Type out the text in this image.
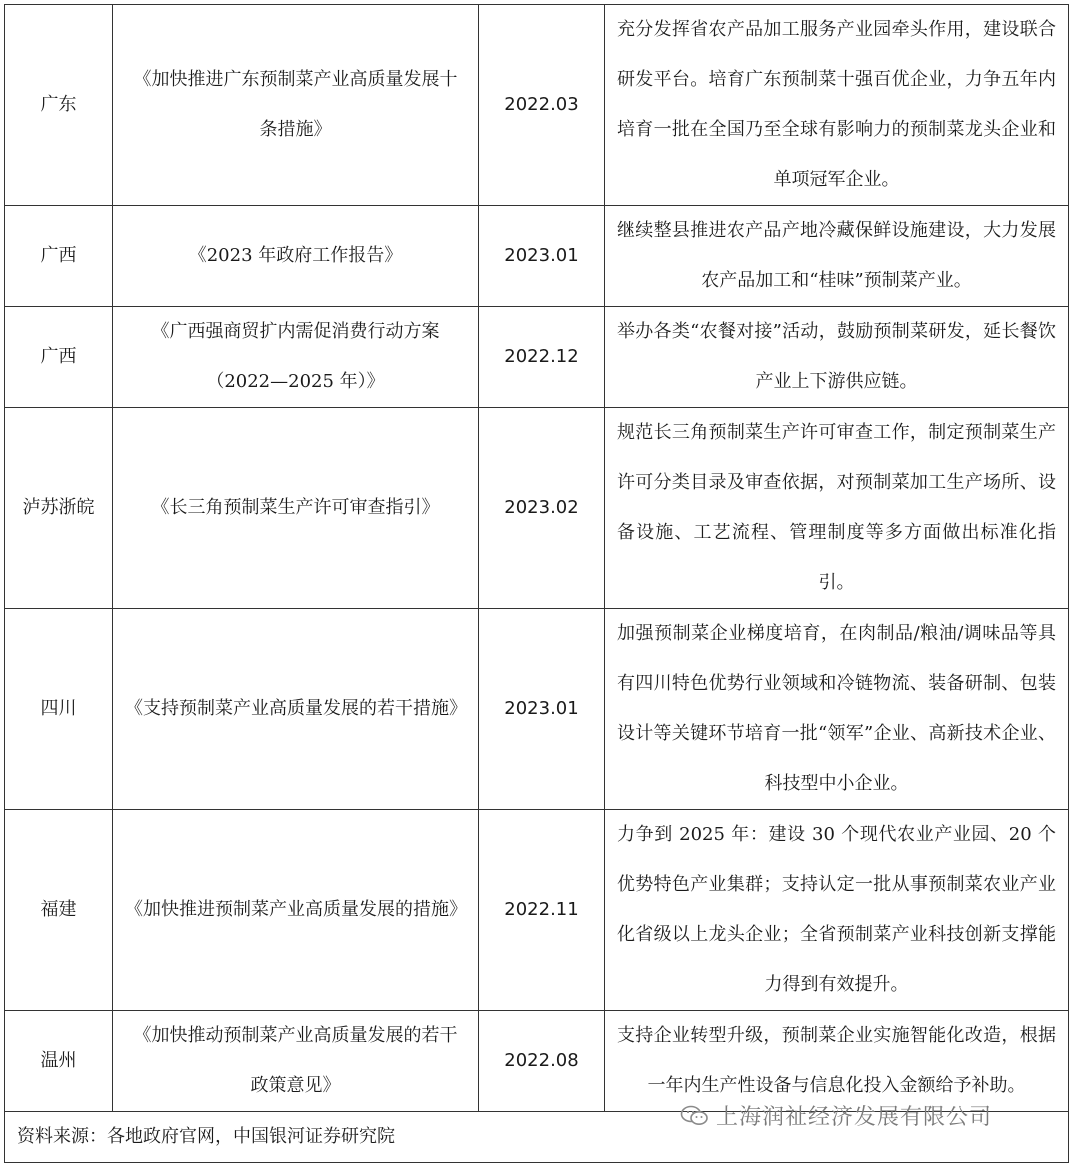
广东	《加快推进广东预制菜产业高质量发展十条措施》	2022.03	充分发挥省农产品加工服务产业园牵头作用，建设联合研发平台。培育广东预制菜十强百优企业，力争五年内培育一批在全国乃至全球有影响力的预制菜龙头企业和单项冠军企业。
广西	《2023 年政府工作报告》	2023.01	继续整县推进农产品产地冷藏保鲜设施建设，大力发展农产品加工和“桂味”预制菜产业。
广西	《广西强商贸扩内需促消费行动方案（2022—2025 年）》	2022.12	举办各类“农餐对接”活动，鼓励预制菜研发，延长餐饮产业上下游供应链。
泸苏浙皖	《长三角预制菜生产许可审查指引》	2023.02	规范长三角预制菜生产许可审查工作，制定预制菜生产许可分类目录及审查依据，对预制菜加工生产场所、设备设施、工艺流程、管理制度等多方面做出标准化指引。
四川	《支持预制菜产业高质量发展的若干措施》	2023.01	加强预制菜企业梯度培育，在肉制品/粮油/调味品等具有四川特色优势行业领域和冷链物流、装备研制、包装设计等关键环节培育一批“领军”企业、高新技术企业、科技型中小企业。
福建	《加快推进预制菜产业高质量发展的措施》	2022.11	力争到 2025 年：建设 30 个现代农业产业园、20 个优势特色产业集群；支持认定一批从事预制菜农业产业化省级以上龙头企业；全省预制菜产业科技创新支撑能力得到有效提升。
温州	《加快推动预制菜产业高质量发展的若干政策意见》	2022.08	支持企业转型升级，预制菜企业实施智能化改造，根据一年内生产性设备与信息化投入金额给予补助。
资料来源：各地政府官网，中国银河证券研究院			
上海润祉经济发展有限公司
